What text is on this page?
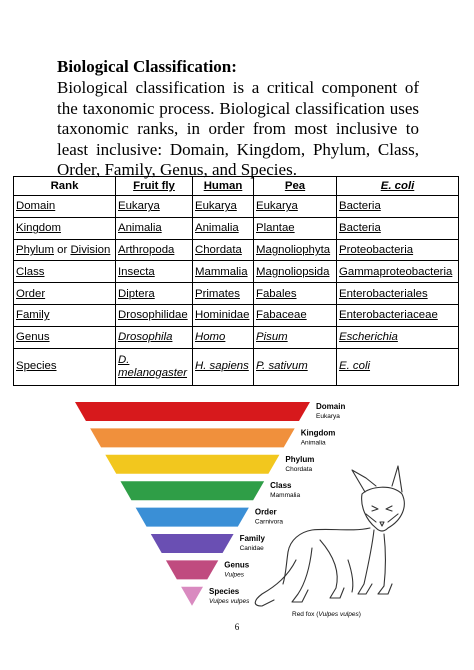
Biological Classification:
Biological classification is a critical component of the taxonomic process. Biological classification uses taxonomic ranks, in order from most inclusive to least inclusive: Domain, Kingdom, Phylum, Class, Order, Family, Genus, and Species.
Rank	Fruit fly	Human	Pea	E. coli
Domain	Eukarya	Eukarya	Eukarya	Bacteria
Kingdom	Animalia	Animalia	Plantae	Bacteria
Phylum or Division	Arthropoda	Chordata	Magnoliophyta	Proteobacteria
Class	Insecta	Mammalia	Magnoliopsida	Gammaproteobacteria
Order	Diptera	Primates	Fabales	Enterobacteriales
Family	Drosophilidae	Hominidae	Fabaceae	Enterobacteriaceae
Genus	Drosophila	Homo	Pisum	Escherichia
Species	D. melanogaster	H. sapiens	P. sativum	E. coli
Domain
Eukarya
Kingdom
Animalia
Phylum
Chordata
Class
Mammalia
Order
Carnivora
Family
Canidae
Genus
Vulpes
Species
Vulpes vulpes
Red fox (Vulpes vulpes)
6
